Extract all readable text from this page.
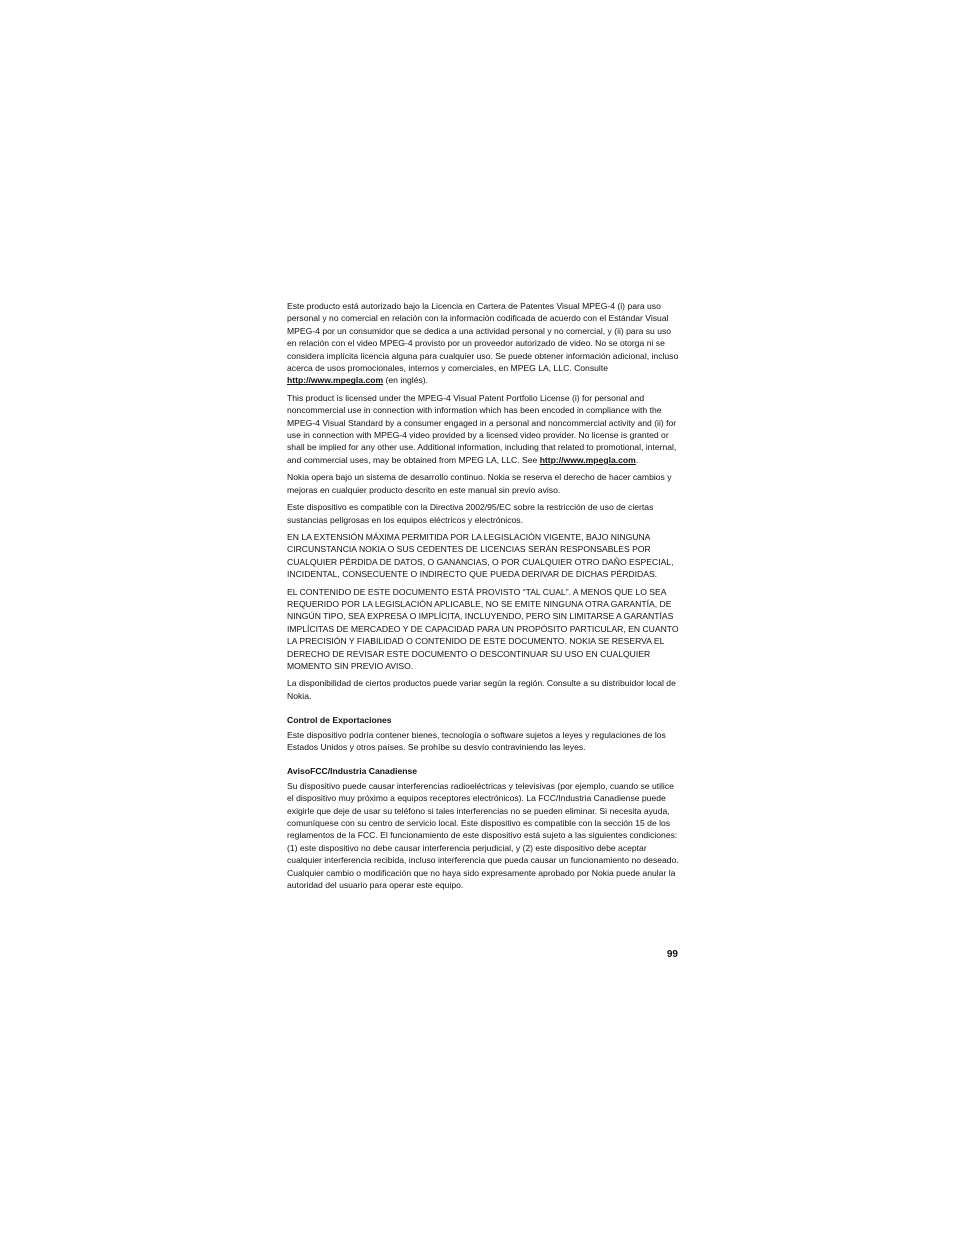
Este producto está autorizado bajo la Licencia en Cartera de Patentes Visual MPEG-4 (i) para uso personal y no comercial en relación con la información codificada de acuerdo con el Estándar Visual MPEG-4 por un consumidor que se dedica a una actividad personal y no comercial, y (ii) para su uso en relación con el video MPEG-4 provisto por un proveedor autorizado de video. No se otorga ni se considera implícita licencia alguna para cualquier uso. Se puede obtener información adicional, incluso acerca de usos promocionales, internos y comerciales, en MPEG LA, LLC. Consulte http://www.mpegla.com (en inglés).

This product is licensed under the MPEG-4 Visual Patent Portfolio License (i) for personal and noncommercial use in connection with information which has been encoded in compliance with the MPEG-4 Visual Standard by a consumer engaged in a personal and noncommercial activity and (ii) for use in connection with MPEG-4 video provided by a licensed video provider. No license is granted or shall be implied for any other use. Additional information, including that related to promotional, internal, and commercial uses, may be obtained from MPEG LA, LLC. See http://www.mpegla.com.

Nokia opera bajo un sistema de desarrollo continuo. Nokia se reserva el derecho de hacer cambios y mejoras en cualquier producto descrito en este manual sin previo aviso.

Este dispositivo es compatible con la Directiva 2002/95/EC sobre la restricción de uso de ciertas sustancias peligrosas en los equipos eléctricos y electrónicos.

EN LA EXTENSIÓN MÁXIMA PERMITIDA POR LA LEGISLACIÓN VIGENTE, BAJO NINGUNA CIRCUNSTANCIA NOKIA O SUS CEDENTES DE LICENCIAS SERÁN RESPONSABLES POR CUALQUIER PÉRDIDA DE DATOS, O GANANCIAS, O POR CUALQUIER OTRO DAÑO ESPECIAL, INCIDENTAL, CONSECUENTE O INDIRECTO QUE PUEDA DERIVAR DE DICHAS PÉRDIDAS.

EL CONTENIDO DE ESTE DOCUMENTO ESTÁ PROVISTO “TAL CUAL”. A MENOS QUE LO SEA REQUERIDO POR LA LEGISLACIÓN APLICABLE, NO SE EMITE NINGUNA OTRA GARANTÍA, DE NINGÚN TIPO, SEA EXPRESA O IMPLÍCITA, INCLUYENDO, PERO SIN LIMITARSE A GARANTÍAS IMPLÍCITAS DE MERCADEO Y DE CAPACIDAD PARA UN PROPÓSITO PARTICULAR, EN CUANTO LA PRECISIÓN Y FIABILIDAD O CONTENIDO DE ESTE DOCUMENTO. NOKIA SE RESERVA EL DERECHO DE REVISAR ESTE DOCUMENTO O DESCONTINUAR SU USO EN CUALQUIER MOMENTO SIN PREVIO AVISO.

La disponibilidad de ciertos productos puede variar según la región. Consulte a su distribuidor local de Nokia.

Control de Exportaciones

Este dispositivo podría contener bienes, tecnología o software sujetos a leyes y regulaciones de los Estados Unidos y otros países. Se prohíbe su desvío contraviniendo las leyes.

AvisoFCC/Industria Canadiense

Su dispositivo puede causar interferencias radioeléctricas y televisivas (por ejemplo, cuando se utilice el dispositivo muy próximo a equipos receptores electrónicos). La FCC/Industria Canadiense puede exigirle que deje de usar su teléfono si tales interferencias no se pueden eliminar. Si necesita ayuda, comuníquese con su centro de servicio local. Este dispositivo es compatible con la sección 15 de los reglamentos de la FCC. El funcionamiento de este dispositivo está sujeto a las siguientes condiciones: (1) este dispositivo no debe causar interferencia perjudicial, y (2) este dispositivo debe aceptar cualquier interferencia recibida, incluso interferencia que pueda causar un funcionamiento no deseado. Cualquier cambio o modificación que no haya sido expresamente aprobado por Nokia puede anular la autoridad del usuario para operar este equipo.

99
